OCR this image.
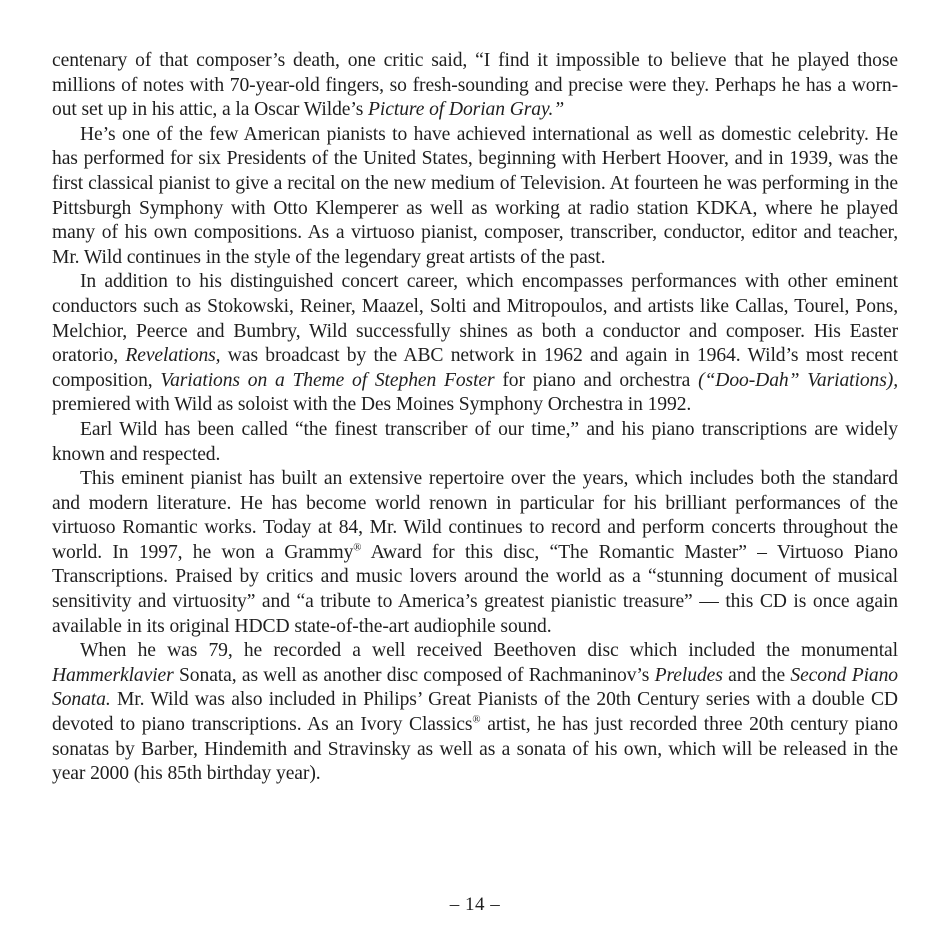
centenary of that composer’s death, one critic said, “I find it impossible to believe that he played those millions of notes with 70-year-old fingers, so fresh-sounding and precise were they. Perhaps he has a worn-out set up in his attic, a la Oscar Wilde’s Picture of Dorian Gray.”

He’s one of the few American pianists to have achieved international as well as domestic celebrity. He has performed for six Presidents of the United States, beginning with Herbert Hoover, and in 1939, was the first classical pianist to give a recital on the new medium of Television. At fourteen he was performing in the Pittsburgh Symphony with Otto Klemperer as well as working at radio station KDKA, where he played many of his own compositions. As a virtuoso pianist, composer, transcriber, conductor, editor and teacher, Mr. Wild continues in the style of the legendary great artists of the past.

In addition to his distinguished concert career, which encompasses performances with other eminent conductors such as Stokowski, Reiner, Maazel, Solti and Mitropoulos, and artists like Callas, Tourel, Pons, Melchior, Peerce and Bumbry, Wild successfully shines as both a conductor and composer. His Easter oratorio, Revelations, was broadcast by the ABC network in 1962 and again in 1964. Wild’s most recent composition, Variations on a Theme of Stephen Foster for piano and orchestra (“Doo-Dah” Variations), premiered with Wild as soloist with the Des Moines Symphony Orchestra in 1992.

Earl Wild has been called “the finest transcriber of our time,” and his piano transcriptions are widely known and respected.

This eminent pianist has built an extensive repertoire over the years, which includes both the standard and modern literature. He has become world renown in particular for his brilliant performances of the virtuoso Romantic works. Today at 84, Mr. Wild continues to record and perform concerts throughout the world. In 1997, he won a Grammy® Award for this disc, “The Romantic Master” – Virtuoso Piano Transcriptions. Praised by critics and music lovers around the world as a “stunning document of musical sensitivity and virtuosity” and “a tribute to America’s greatest pianistic treasure” — this CD is once again available in its original HDCD state-of-the-art audiophile sound.

When he was 79, he recorded a well received Beethoven disc which included the monumental Hammerklavier Sonata, as well as another disc composed of Rachmaninov’s Preludes and the Second Piano Sonata. Mr. Wild was also included in Philips’ Great Pianists of the 20th Century series with a double CD devoted to piano transcriptions. As an Ivory Classics® artist, he has just recorded three 20th century piano sonatas by Barber, Hindemith and Stravinsky as well as a sonata of his own, which will be released in the year 2000 (his 85th birthday year).

– 14 –
